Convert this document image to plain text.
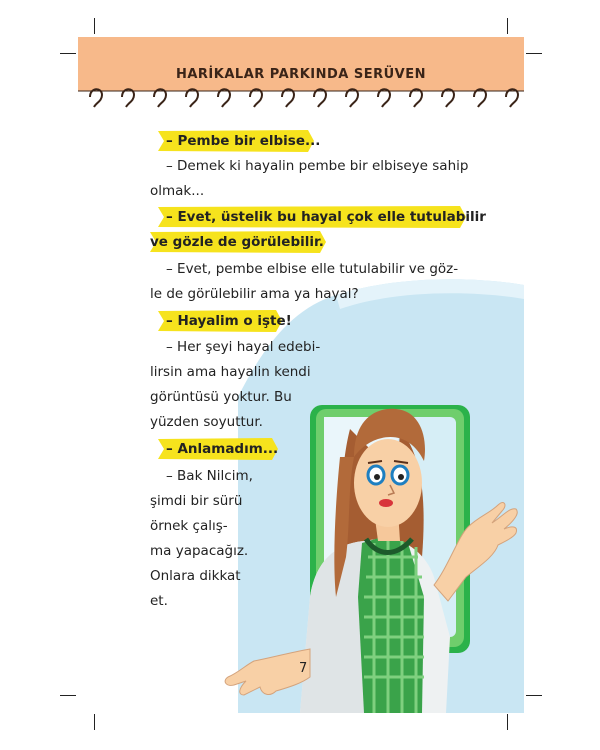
HARİKALAR PARKINDA SERÜVEN
– Pembe bir elbise...
– Demek ki hayalin pembe bir elbiseye sahip
olmak...
– Evet, üstelik bu hayal çok elle tutulabilir
ve gözle de görülebilir.
– Evet, pembe elbise elle tutulabilir ve göz-
le de görülebilir ama ya hayal?
– Hayalim o işte!
– Her şeyi hayal edebi-
lirsin ama hayalin kendi
görüntüsü yoktur. Bu
yüzden soyuttur.
– Anlamadım...
– Bak Nilcim,
şimdi bir sürü
örnek çalış-
ma yapacağız.
Onlara dikkat
et.
7
